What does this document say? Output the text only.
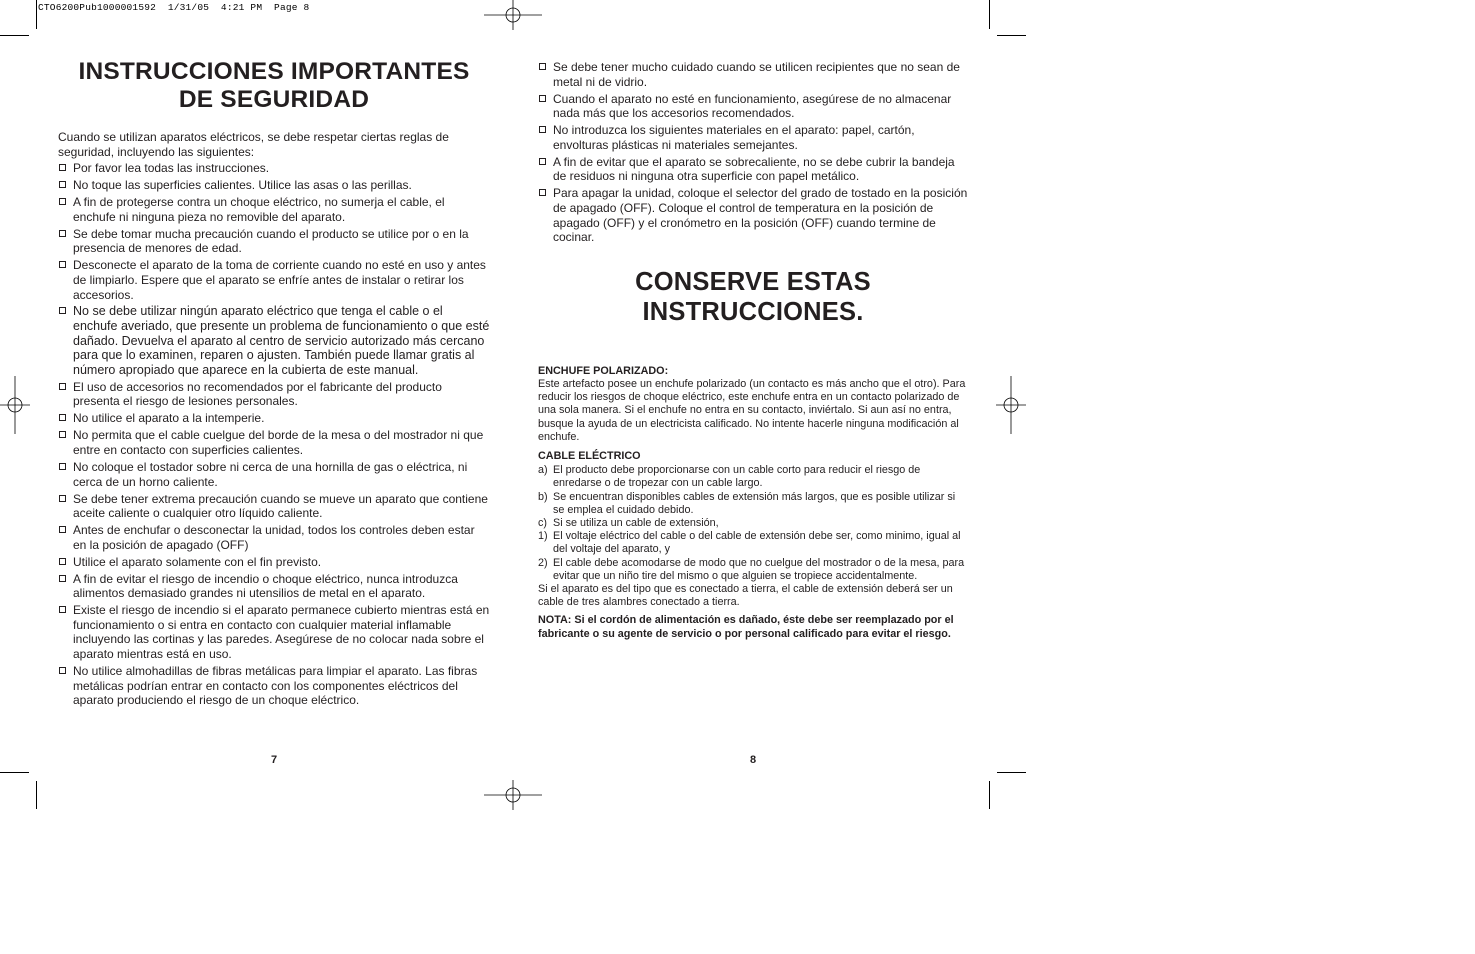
CTO6200Pub1000001592  1/31/05  4:21 PM  Page 8
INSTRUCCIONES IMPORTANTES
DE SEGURIDAD

Cuando se utilizan aparatos eléctricos, se debe respetar ciertas reglas de seguridad, incluyendo las siguientes:

Por favor lea todas las instrucciones.
No toque las superficies calientes. Utilice las asas o las perillas.
A fin de protegerse contra un choque eléctrico, no sumerja el cable, el enchufe ni ninguna pieza no removible del aparato.
Se debe tomar mucha precaución cuando el producto se utilice por o en la presencia de menores de edad.
Desconecte el aparato de la toma de corriente cuando no esté en uso y antes de limpiarlo. Espere que el aparato se enfríe antes de instalar o retirar los accesorios.
No se debe utilizar ningún aparato eléctrico que tenga el cable o el enchufe averiado, que presente un problema de funcionamiento o que esté dañado. Devuelva el aparato al centro de servicio autorizado más cercano para que lo examinen, reparen o ajusten. También puede llamar gratis al número apropiado que aparece en la cubierta de este manual.
El uso de accesorios no recomendados por el fabricante del producto presenta el riesgo de lesiones personales.
No utilice el aparato a la intemperie.
No permita que el cable cuelgue del borde de la mesa o del mostrador ni que entre en contacto con superficies calientes.
No coloque el tostador sobre ni cerca de una hornilla de gas o eléctrica, ni cerca de un horno caliente.
Se debe tener extrema precaución cuando se mueve un aparato que contiene aceite caliente o cualquier otro líquido caliente.
Antes de enchufar o desconectar la unidad, todos los controles deben estar en la posición de apagado (OFF)
Utilice el aparato solamente con el fin previsto.
A fin de evitar el riesgo de incendio o choque eléctrico, nunca introduzca alimentos demasiado grandes ni utensilios de metal en el aparato.
Existe el riesgo de incendio si el aparato permanece cubierto mientras está en funcionamiento o si entra en contacto con cualquier material inflamable incluyendo las cortinas y las paredes. Asegúrese de no colocar nada sobre el aparato mientras está en uso.
No utilice almohadillas de fibras metálicas para limpiar el aparato. Las fibras metálicas podrían entrar en contacto con los componentes eléctricos del aparato produciendo el riesgo de un choque eléctrico.
7
Se debe tener mucho cuidado cuando se utilicen recipientes que no sean de metal ni de vidrio.
Cuando el aparato no esté en funcionamiento, asegúrese de no almacenar nada más que los accesorios recomendados.
No introduzca los siguientes materiales en el aparato: papel, cartón, envolturas plásticas ni materiales semejantes.
A fin de evitar que el aparato se sobrecaliente, no se debe cubrir la bandeja de residuos ni ninguna otra superficie con papel metálico.
Para apagar la unidad, coloque el selector del grado de tostado en la posición de apagado (OFF). Coloque el control de temperatura en la posición de apagado (OFF) y el cronómetro en la posición (OFF) cuando termine de cocinar.
CONSERVE ESTAS
INSTRUCCIONES.
ENCHUFE POLARIZADO:

Este artefacto posee un enchufe polarizado (un contacto es más ancho que el otro). Para reducir los riesgos de choque eléctrico, este enchufe entra en un contacto polarizado de una sola manera. Si el enchufe no entra en su contacto, inviértalo. Si aun así no entra, busque la ayuda de un electricista calificado. No intente hacerle ninguna modificación al enchufe.

CABLE ELÉCTRICO
a) El producto debe proporcionarse con un cable corto para reducir el riesgo de enredarse o de tropezar con un cable largo.
b) Se encuentran disponibles cables de extensión más largos, que es posible utilizar si se emplea el cuidado debido.
c) Si se utiliza un cable de extensión,
1) El voltaje eléctrico del cable o del cable de extensión debe ser, como minimo, igual al del voltaje del aparato, y
2) El cable debe acomodarse de modo que no cuelgue del mostrador o de la mesa, para evitar que un niño tire del mismo o que alguien se tropiece accidentalmente.

Si el aparato es del tipo que es conectado a tierra, el cable de extensión deberá ser un cable de tres alambres conectado a tierra.

NOTA: Si el cordón de alimentación es dañado, éste debe ser reemplazado por el fabricante o su agente de servicio o por personal calificado para evitar el riesgo.

8
